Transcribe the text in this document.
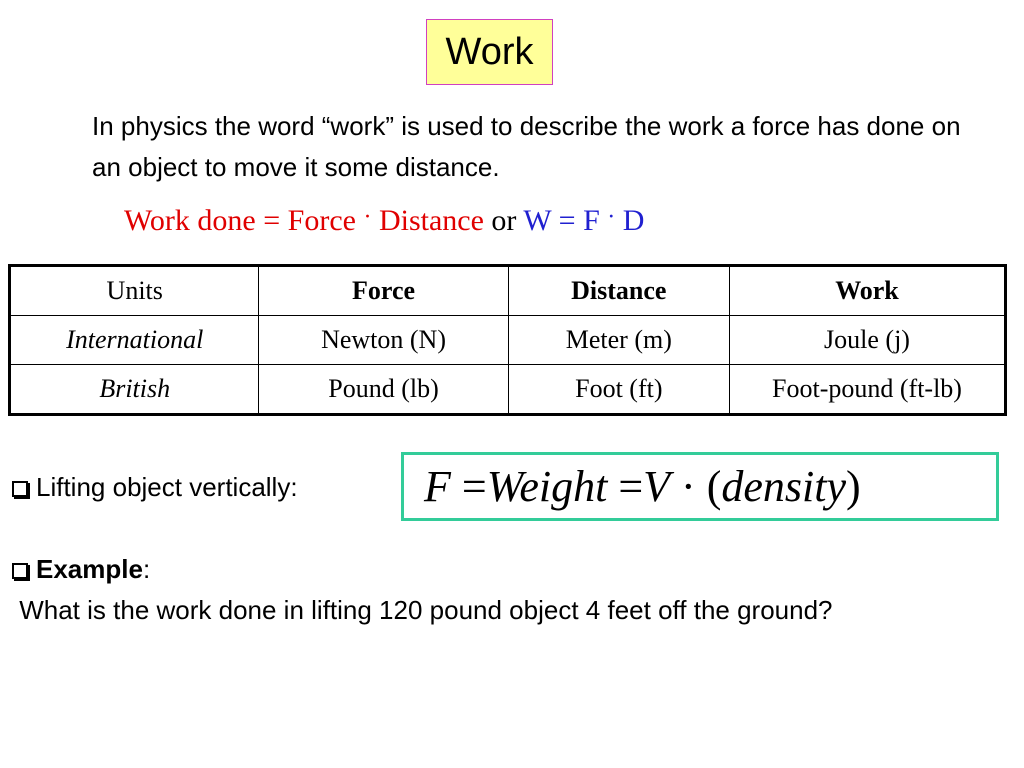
Work
In physics the word “work” is used to describe the work a force has done on an object to move it some distance.
Work done = Force · Distance or W = F · D
Units	Force	Distance	Work
International	Newton (N)	Meter (m)	Joule (j)
British	Pound (lb)	Foot (ft)	Foot-pound (ft-lb)
Lifting object vertically:	F =Weight =V · (density)
Example:
What is the work done in lifting 120 pound object 4 feet off the ground?
